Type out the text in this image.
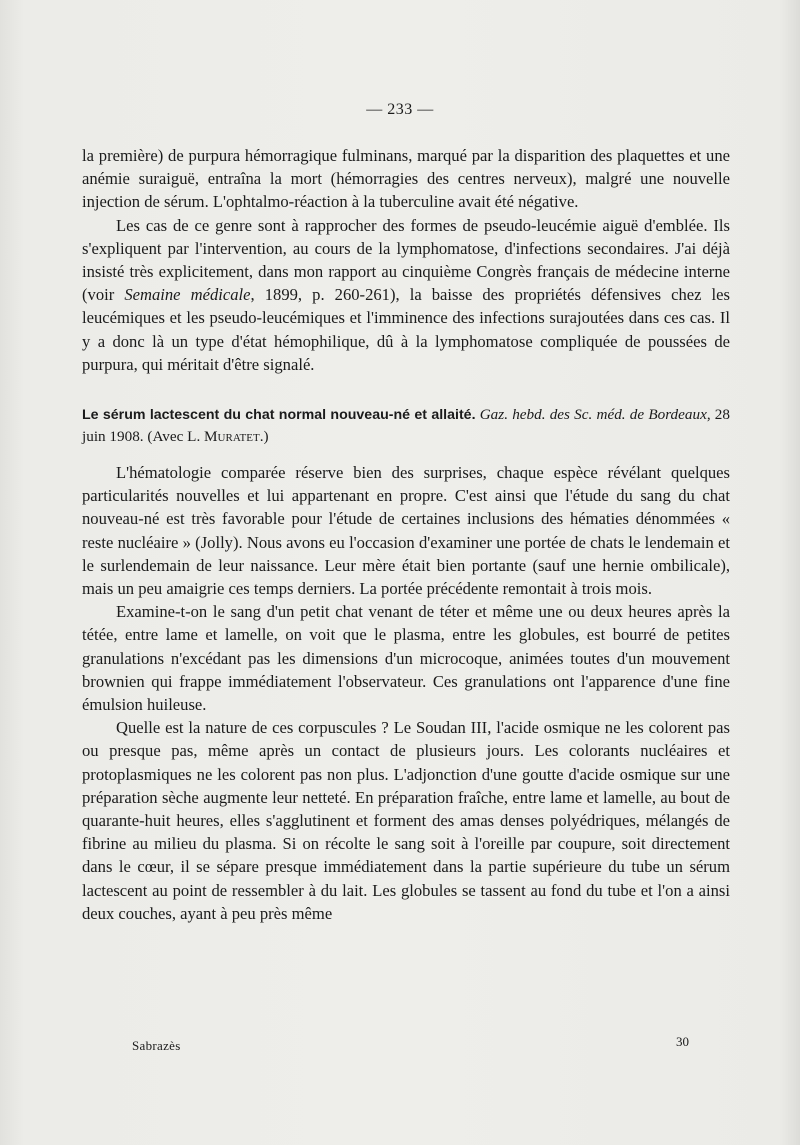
— 233 —

la première) de purpura hémorragique fulminans, marqué par la disparition des plaquettes et une anémie suraiguë, entraîna la mort (hémorragies des centres nerveux), malgré une nouvelle injection de sérum. L'ophtalmo-réaction à la tuberculine avait été négative.

Les cas de ce genre sont à rapprocher des formes de pseudo-leucémie aiguë d'emblée. Ils s'expliquent par l'intervention, au cours de la lymphomatose, d'infections secondaires. J'ai déjà insisté très explicitement, dans mon rapport au cinquième Congrès français de médecine interne (voir Semaine médicale, 1899, p. 260-261), la baisse des propriétés défensives chez les leucémiques et les pseudo-leucémiques et l'imminence des infections surajoutées dans ces cas. Il y a donc là un type d'état hémophilique, dû à la lymphomatose compliquée de poussées de purpura, qui méritait d'être signalé.

Le sérum lactescent du chat normal nouveau-né et allaité. Gaz. hebd. des Sc. méd. de Bordeaux, 28 juin 1908. (Avec L. Muratet.)

L'hématologie comparée réserve bien des surprises, chaque espèce révélant quelques particularités nouvelles et lui appartenant en propre. C'est ainsi que l'étude du sang du chat nouveau-né est très favorable pour l'étude de certaines inclusions des hématies dénommées « reste nucléaire » (Jolly). Nous avons eu l'occasion d'examiner une portée de chats le lendemain et le surlendemain de leur naissance. Leur mère était bien portante (sauf une hernie ombilicale), mais un peu amaigrie ces temps derniers. La portée précédente remontait à trois mois.

Examine-t-on le sang d'un petit chat venant de téter et même une ou deux heures après la tétée, entre lame et lamelle, on voit que le plasma, entre les globules, est bourré de petites granulations n'excédant pas les dimensions d'un microcoque, animées toutes d'un mouvement brownien qui frappe immédiatement l'observateur. Ces granulations ont l'apparence d'une fine émulsion huileuse.

Quelle est la nature de ces corpuscules ? Le Soudan III, l'acide osmique ne les colorent pas ou presque pas, même après un contact de plusieurs jours. Les colorants nucléaires et protoplasmiques ne les colorent pas non plus. L'adjonction d'une goutte d'acide osmique sur une préparation sèche augmente leur netteté. En préparation fraîche, entre lame et lamelle, au bout de quarante-huit heures, elles s'agglutinent et forment des amas denses polyédriques, mélangés de fibrine au milieu du plasma. Si on récolte le sang soit à l'oreille par coupure, soit directement dans le cœur, il se sépare presque immédiatement dans la partie supérieure du tube un sérum lactescent au point de ressembler à du lait. Les globules se tassent au fond du tube et l'on a ainsi deux couches, ayant à peu près même

Sabrazès	30
